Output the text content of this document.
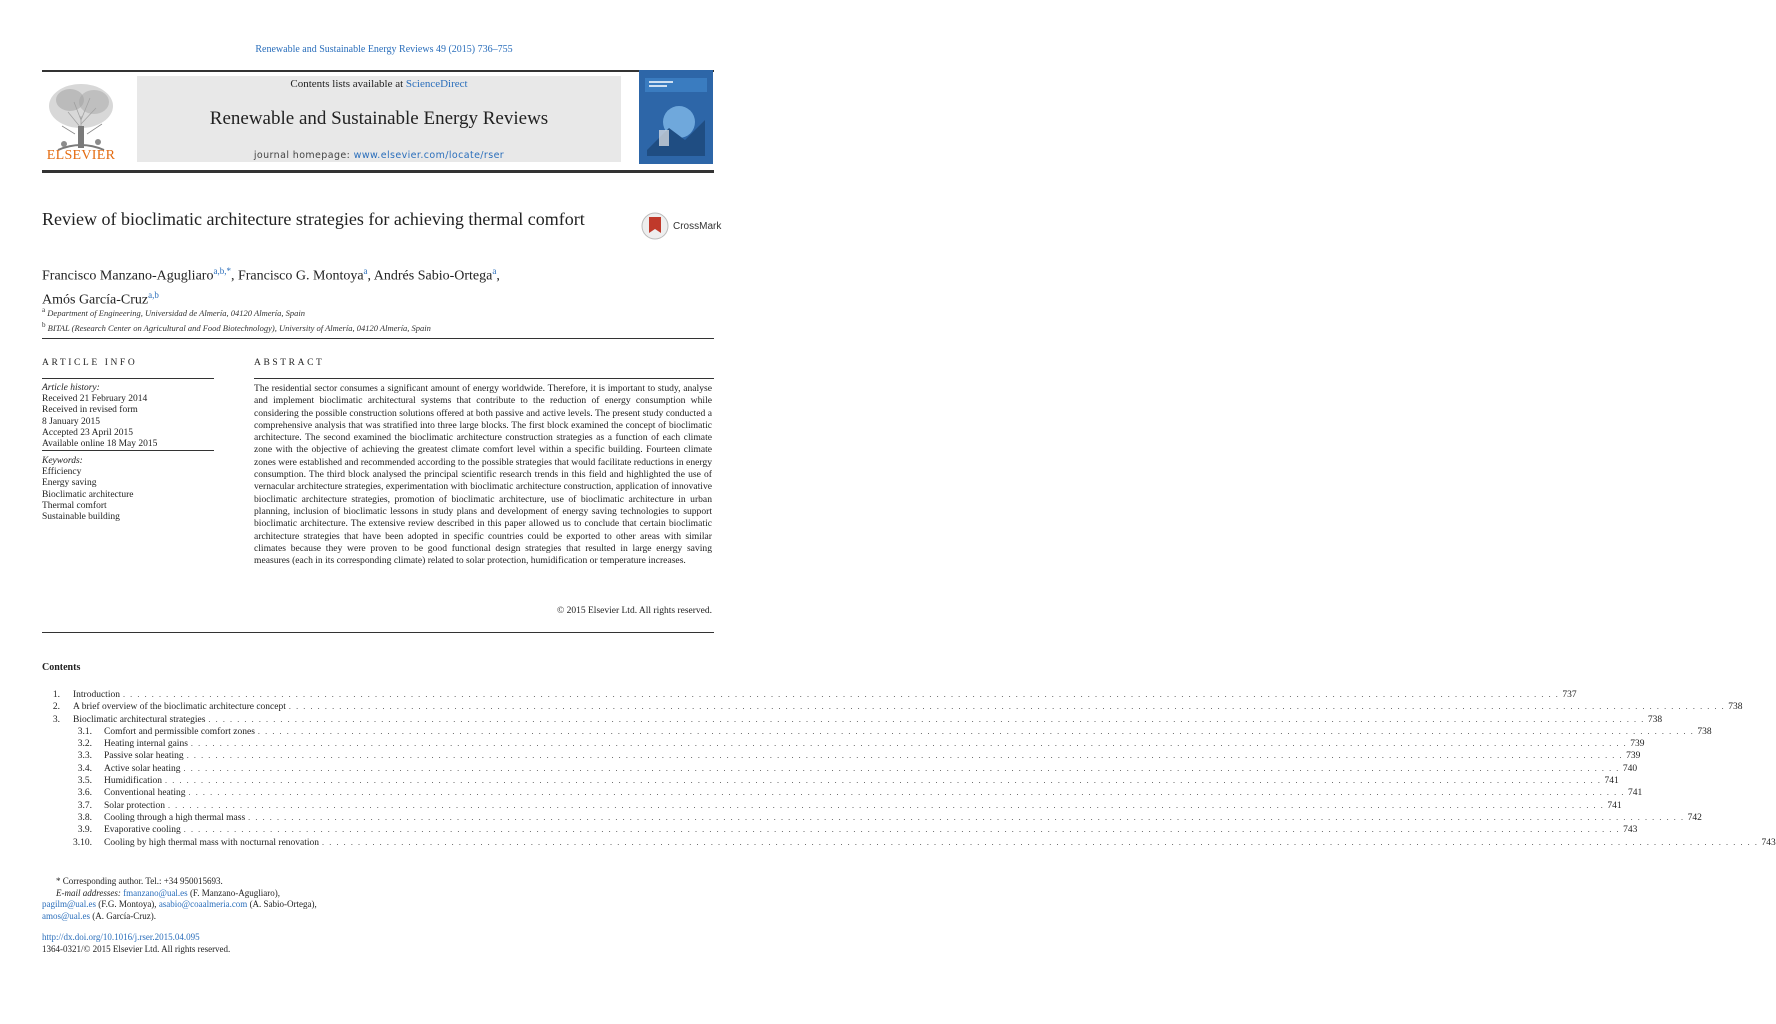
Renewable and Sustainable Energy Reviews 49 (2015) 736–755
ELSEVIER
Contents lists available at ScienceDirect
Renewable and Sustainable Energy Reviews
journal homepage: www.elsevier.com/locate/rser
Review of bioclimatic architecture strategies for achieving thermal comfort	CrossMark
Francisco Manzano-Agugliaro$^{a,b,*}$, Francisco G. Montoya$^a$, Andrés Sabio-Ortega$^a$,
Amós García-Cruz$^{a,b}$
$^a$ Department of Engineering, Universidad de Almería, 04120 Almería, Spain
$^b$ BITAL (Research Center on Agricultural and Food Biotechnology), University of Almería, 04120 Almería, Spain
ARTICLE INFO	ABSTRACT
Article history:
Received 21 February 2014
Received in revised form
8 January 2015
Accepted 23 April 2015
Available online 18 May 2015
Keywords:
Efficiency
Energy saving
Bioclimatic architecture
Thermal comfort
Sustainable building
The residential sector consumes a significant amount of energy worldwide. Therefore, it is important to study, analyse and implement bioclimatic architectural systems that contribute to the reduction of energy consumption while considering the possible construction solutions offered at both passive and active levels. The present study conducted a comprehensive analysis that was stratified into three large blocks. The first block examined the concept of bioclimatic architecture. The second examined the bioclimatic architecture construction strategies as a function of each climate zone with the objective of achieving the greatest climate comfort level within a specific building. Fourteen climate zones were established and recommended according to the possible strategies that would facilitate reductions in energy consumption. The third block analysed the principal scientific research trends in this field and highlighted the use of vernacular architecture strategies, experimentation with bioclimatic architecture construction, application of innovative bioclimatic architecture strategies, promotion of bioclimatic architecture, use of bioclimatic architecture in urban planning, inclusion of bioclimatic lessons in study plans and development of energy saving technologies to support bioclimatic architecture. The extensive review described in this paper allowed us to conclude that certain bioclimatic architecture strategies that have been adopted in specific countries could be exported to other areas with similar climates because they were proven to be good functional design strategies that resulted in large energy saving measures (each in its corresponding climate) related to solar protection, humidification or temperature increases.
© 2015 Elsevier Ltd. All rights reserved.
Contents
1. Introduction . . . . . . . . . . . . . . . . . . . . . . . . . . . . . . . . . . . . . . . . . . . . . . . . . . . . . . . . . . . . . . . . . . . . . . . . . . . . . . . . . . . . . . . . . . . . . . . . . . . . . . . . . . . . . . . . . . . . . . . . . . . . . . . . . . . . . . . . . . . . . . . . . . . . . . . . . . . . . . . . . . . . . . . . . . . . . . . . . . . . . . . . . . . . . . . . . . . . . . . . 737
2. A brief overview of the bioclimatic architecture concept . . . . . . . . . . . . . . . . . . . . . . . . . . . . . . . . . . . . . . . . . . . . . . . . . . . . . . . . . . . . . . . . . . . . . . . . . . . . . . . . . . . . . . . . . . . . . . . . . . . . . . . . . . . . . . . . . . . . . . . . . . . . . . . . . . . . . . . . . . . . . . . . . . . . . . . . . . . . . . . . . . . . . . . . . . . . . . . . . . . . . . . . . . . . . . . . . . . . . . . . 738
3. Bioclimatic architectural strategies . . . . . . . . . . . . . . . . . . . . . . . . . . . . . . . . . . . . . . . . . . . . . . . . . . . . . . . . . . . . . . . . . . . . . . . . . . . . . . . . . . . . . . . . . . . . . . . . . . . . . . . . . . . . . . . . . . . . . . . . . . . . . . . . . . . . . . . . . . . . . . . . . . . . . . . . . . . . . . . . . . . . . . . . . . . . . . . . . . . . . . . . . . . . . . . . . . . . . . . . 738
3.1. Comfort and permissible comfort zones . . . . . . . . . . . . . . . . . . . . . . . . . . . . . . . . . . . . . . . . . . . . . . . . . . . . . . . . . . . . . . . . . . . . . . . . . . . . . . . . . . . . . . . . . . . . . . . . . . . . . . . . . . . . . . . . . . . . . . . . . . . . . . . . . . . . . . . . . . . . . . . . . . . . . . . . . . . . . . . . . . . . . . . . . . . . . . . . . . . . . . . . . . . . . . . . . . . . . . . . 738
3.2. Heating internal gains . . . . . . . . . . . . . . . . . . . . . . . . . . . . . . . . . . . . . . . . . . . . . . . . . . . . . . . . . . . . . . . . . . . . . . . . . . . . . . . . . . . . . . . . . . . . . . . . . . . . . . . . . . . . . . . . . . . . . . . . . . . . . . . . . . . . . . . . . . . . . . . . . . . . . . . . . . . . . . . . . . . . . . . . . . . . . . . . . . . . . . . . . . . . . . . . . . . . . . . . 739
3.3. Passive solar heating . . . . . . . . . . . . . . . . . . . . . . . . . . . . . . . . . . . . . . . . . . . . . . . . . . . . . . . . . . . . . . . . . . . . . . . . . . . . . . . . . . . . . . . . . . . . . . . . . . . . . . . . . . . . . . . . . . . . . . . . . . . . . . . . . . . . . . . . . . . . . . . . . . . . . . . . . . . . . . . . . . . . . . . . . . . . . . . . . . . . . . . . . . . . . . . . . . . . . . . . 739
3.4. Active solar heating . . . . . . . . . . . . . . . . . . . . . . . . . . . . . . . . . . . . . . . . . . . . . . . . . . . . . . . . . . . . . . . . . . . . . . . . . . . . . . . . . . . . . . . . . . . . . . . . . . . . . . . . . . . . . . . . . . . . . . . . . . . . . . . . . . . . . . . . . . . . . . . . . . . . . . . . . . . . . . . . . . . . . . . . . . . . . . . . . . . . . . . . . . . . . . . . . . . . . . . . 740
3.5. Humidification . . . . . . . . . . . . . . . . . . . . . . . . . . . . . . . . . . . . . . . . . . . . . . . . . . . . . . . . . . . . . . . . . . . . . . . . . . . . . . . . . . . . . . . . . . . . . . . . . . . . . . . . . . . . . . . . . . . . . . . . . . . . . . . . . . . . . . . . . . . . . . . . . . . . . . . . . . . . . . . . . . . . . . . . . . . . . . . . . . . . . . . . . . . . . . . . . . . . . . . . 741
3.6. Conventional heating . . . . . . . . . . . . . . . . . . . . . . . . . . . . . . . . . . . . . . . . . . . . . . . . . . . . . . . . . . . . . . . . . . . . . . . . . . . . . . . . . . . . . . . . . . . . . . . . . . . . . . . . . . . . . . . . . . . . . . . . . . . . . . . . . . . . . . . . . . . . . . . . . . . . . . . . . . . . . . . . . . . . . . . . . . . . . . . . . . . . . . . . . . . . . . . . . . . . . . . . 741
3.7. Solar protection . . . . . . . . . . . . . . . . . . . . . . . . . . . . . . . . . . . . . . . . . . . . . . . . . . . . . . . . . . . . . . . . . . . . . . . . . . . . . . . . . . . . . . . . . . . . . . . . . . . . . . . . . . . . . . . . . . . . . . . . . . . . . . . . . . . . . . . . . . . . . . . . . . . . . . . . . . . . . . . . . . . . . . . . . . . . . . . . . . . . . . . . . . . . . . . . . . . . . . . . 741
3.8. Cooling through a high thermal mass . . . . . . . . . . . . . . . . . . . . . . . . . . . . . . . . . . . . . . . . . . . . . . . . . . . . . . . . . . . . . . . . . . . . . . . . . . . . . . . . . . . . . . . . . . . . . . . . . . . . . . . . . . . . . . . . . . . . . . . . . . . . . . . . . . . . . . . . . . . . . . . . . . . . . . . . . . . . . . . . . . . . . . . . . . . . . . . . . . . . . . . . . . . . . . . . . . . . . . . . 742
3.9. Evaporative cooling . . . . . . . . . . . . . . . . . . . . . . . . . . . . . . . . . . . . . . . . . . . . . . . . . . . . . . . . . . . . . . . . . . . . . . . . . . . . . . . . . . . . . . . . . . . . . . . . . . . . . . . . . . . . . . . . . . . . . . . . . . . . . . . . . . . . . . . . . . . . . . . . . . . . . . . . . . . . . . . . . . . . . . . . . . . . . . . . . . . . . . . . . . . . . . . . . . . . . . . . 743
3.10. Cooling by high thermal mass with nocturnal renovation . . . . . . . . . . . . . . . . . . . . . . . . . . . . . . . . . . . . . . . . . . . . . . . . . . . . . . . . . . . . . . . . . . . . . . . . . . . . . . . . . . . . . . . . . . . . . . . . . . . . . . . . . . . . . . . . . . . . . . . . . . . . . . . . . . . . . . . . . . . . . . . . . . . . . . . . . . . . . . . . . . . . . . . . . . . . . . . . . . . . . . . . . . . . . . . . . . . . . . . . 743
* Corresponding author. Tel.: +34 950015693.
E-mail addresses: fmanzano@ual.es (F. Manzano-Agugliaro),
pagilm@ual.es (F.G. Montoya), asabio@coaalmeria.com (A. Sabio-Ortega),
amos@ual.es (A. García-Cruz).
http://dx.doi.org/10.1016/j.rser.2015.04.095
1364-0321/© 2015 Elsevier Ltd. All rights reserved.
